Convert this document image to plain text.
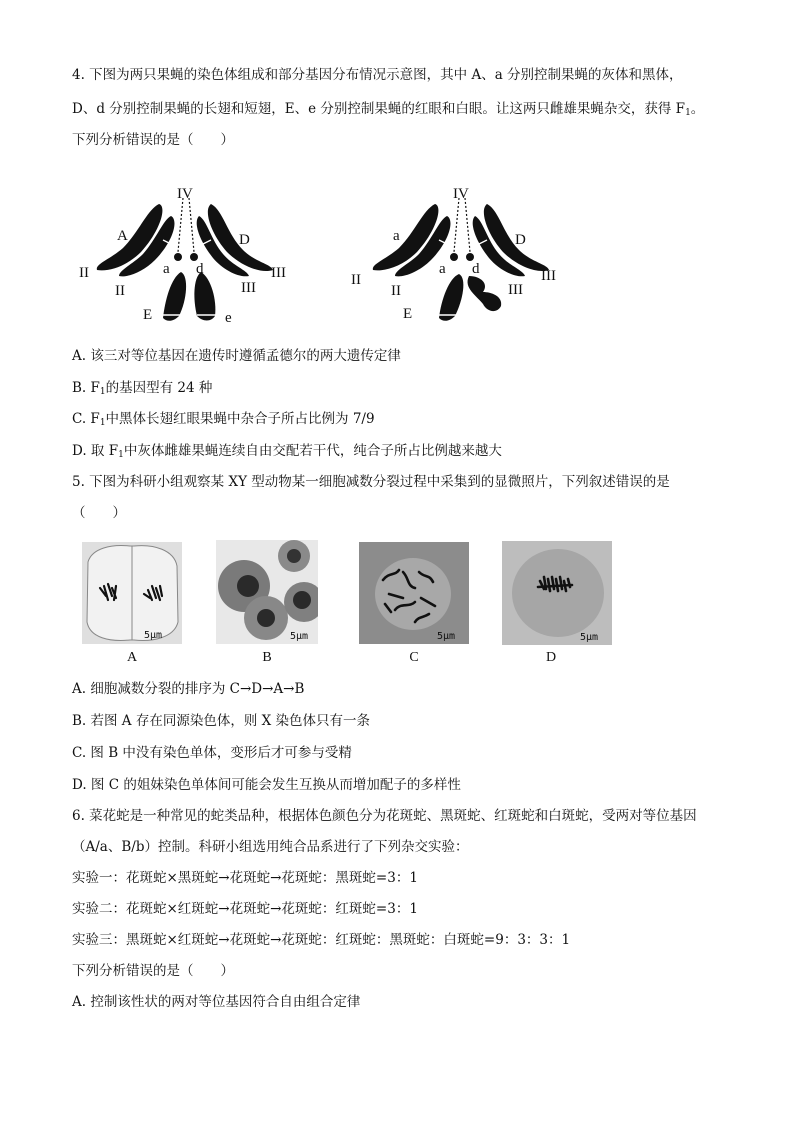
4. 下图为两只果蝇的染色体组成和部分基因分布情况示意图，其中 A、a 分别控制果蝇的灰体和黑体，
D、d 分别控制果蝇的长翅和短翅，E、e 分别控制果蝇的红眼和白眼。让这两只雌雄果蝇杂交，获得 $F_1$。
下列分析错误的是（　　）
IV
A
a d
D
II
II
III
III
E	e
IV
a
a d
D
II
II
III
III
E
A. 该三对等位基因在遗传时遵循孟德尔的两大遗传定律
B. $F_1$的基因型有 24 种
C. $F_1$中黑体长翅红眼果蝇中杂合子所占比例为 7/9
D. 取 $F_1$中灰体雌雄果蝇连续自由交配若干代，纯合子所占比例越来越大
5. 下图为科研小组观察某 XY 型动物某一细胞减数分裂过程中采集到的显微照片，下列叙述错误的是
（　　）
5μm
A
5μm
B
5μm
C
5μm
D
A. 细胞减数分裂的排序为 C→D→A→B
B. 若图 A 存在同源染色体，则 X 染色体只有一条
C. 图 B 中没有染色单体，变形后才可参与受精
D. 图 C 的姐妹染色单体间可能会发生互换从而增加配子的多样性
6. 菜花蛇是一种常见的蛇类品种，根据体色颜色分为花斑蛇、黑斑蛇、红斑蛇和白斑蛇，受两对等位基因
（A/a、B/b）控制。科研小组选用纯合品系进行了下列杂交实验：
实验一：花斑蛇×黑斑蛇→花斑蛇→花斑蛇：黑斑蛇=3：1
实验二：花斑蛇×红斑蛇→花斑蛇→花斑蛇：红斑蛇=3：1
实验三：黑斑蛇×红斑蛇→花斑蛇→花斑蛇：红斑蛇：黑斑蛇：白斑蛇=9：3：3：1
下列分析错误的是（　　）
A. 控制该性状的两对等位基因符合自由组合定律
